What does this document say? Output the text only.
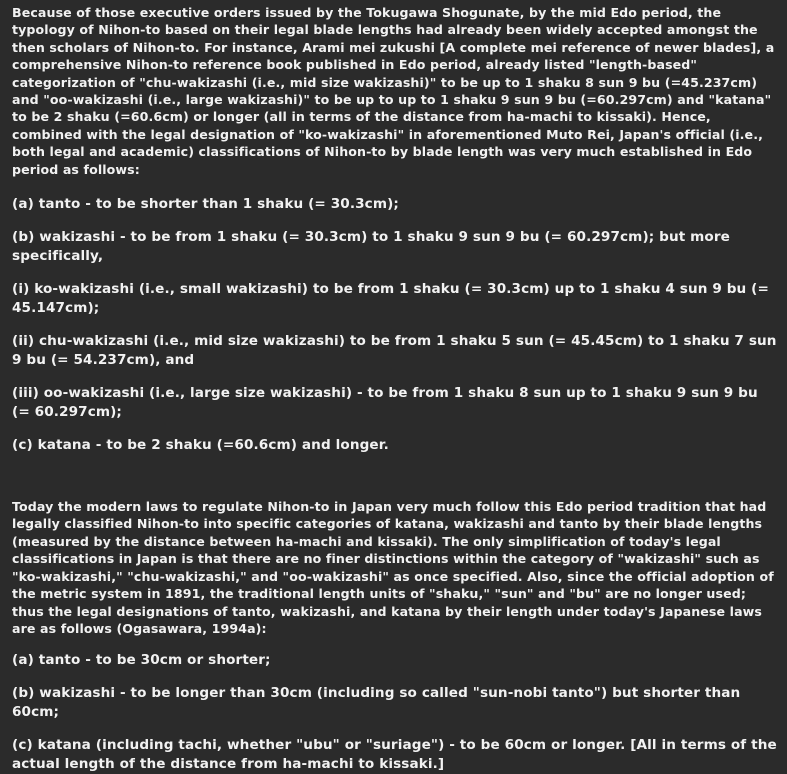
Because of those executive orders issued by the Tokugawa Shogunate, by the mid Edo period, the typology of Nihon-to based on their legal blade lengths had already been widely accepted amongst the then scholars of Nihon-to. For instance, Arami mei zukushi [A complete mei reference of newer blades], a comprehensive Nihon-to reference book published in Edo period, already listed "length-based" categorization of "chu-wakizashi (i.e., mid size wakizashi)" to be up to 1 shaku 8 sun 9 bu (=45.237cm) and "oo-wakizashi (i.e., large wakizashi)" to be up to up to 1 shaku 9 sun 9 bu (=60.297cm) and "katana" to be 2 shaku (=60.6cm) or longer (all in terms of the distance from ha-machi to kissaki). Hence, combined with the legal designation of "ko-wakizashi" in aforementioned Muto Rei, Japan's official (i.e., both legal and academic) classifications of Nihon-to by blade length was very much established in Edo period as follows:

(a) tanto - to be shorter than 1 shaku (= 30.3cm);

(b) wakizashi - to be from 1 shaku (= 30.3cm) to 1 shaku 9 sun 9 bu (= 60.297cm); but more specifically,

(i) ko-wakizashi (i.e., small wakizashi) to be from 1 shaku (= 30.3cm) up to 1 shaku 4 sun 9 bu (= 45.147cm);

(ii) chu-wakizashi (i.e., mid size wakizashi) to be from 1 shaku 5 sun (= 45.45cm) to 1 shaku 7 sun 9 bu (= 54.237cm), and

(iii) oo-wakizashi (i.e., large size wakizashi) - to be from 1 shaku 8 sun up to 1 shaku 9 sun 9 bu (= 60.297cm);

(c) katana - to be 2 shaku (=60.6cm) and longer.

Today the modern laws to regulate Nihon-to in Japan very much follow this Edo period tradition that had legally classified Nihon-to into specific categories of katana, wakizashi and tanto by their blade lengths (measured by the distance between ha-machi and kissaki). The only simplification of today's legal classifications in Japan is that there are no finer distinctions within the category of "wakizashi" such as "ko-wakizashi," "chu-wakizashi," and "oo-wakizashi" as once specified. Also, since the official adoption of the metric system in 1891, the traditional length units of "shaku," "sun" and "bu" are no longer used; thus the legal designations of tanto, wakizashi, and katana by their length under today's Japanese laws are as follows (Ogasawara, 1994a):

(a) tanto - to be 30cm or shorter;

(b) wakizashi - to be longer than 30cm (including so called "sun-nobi tanto") but shorter than 60cm;

(c) katana (including tachi, whether "ubu" or "suriage") - to be 60cm or longer. [All in terms of the actual length of the distance from ha-machi to kissaki.]
